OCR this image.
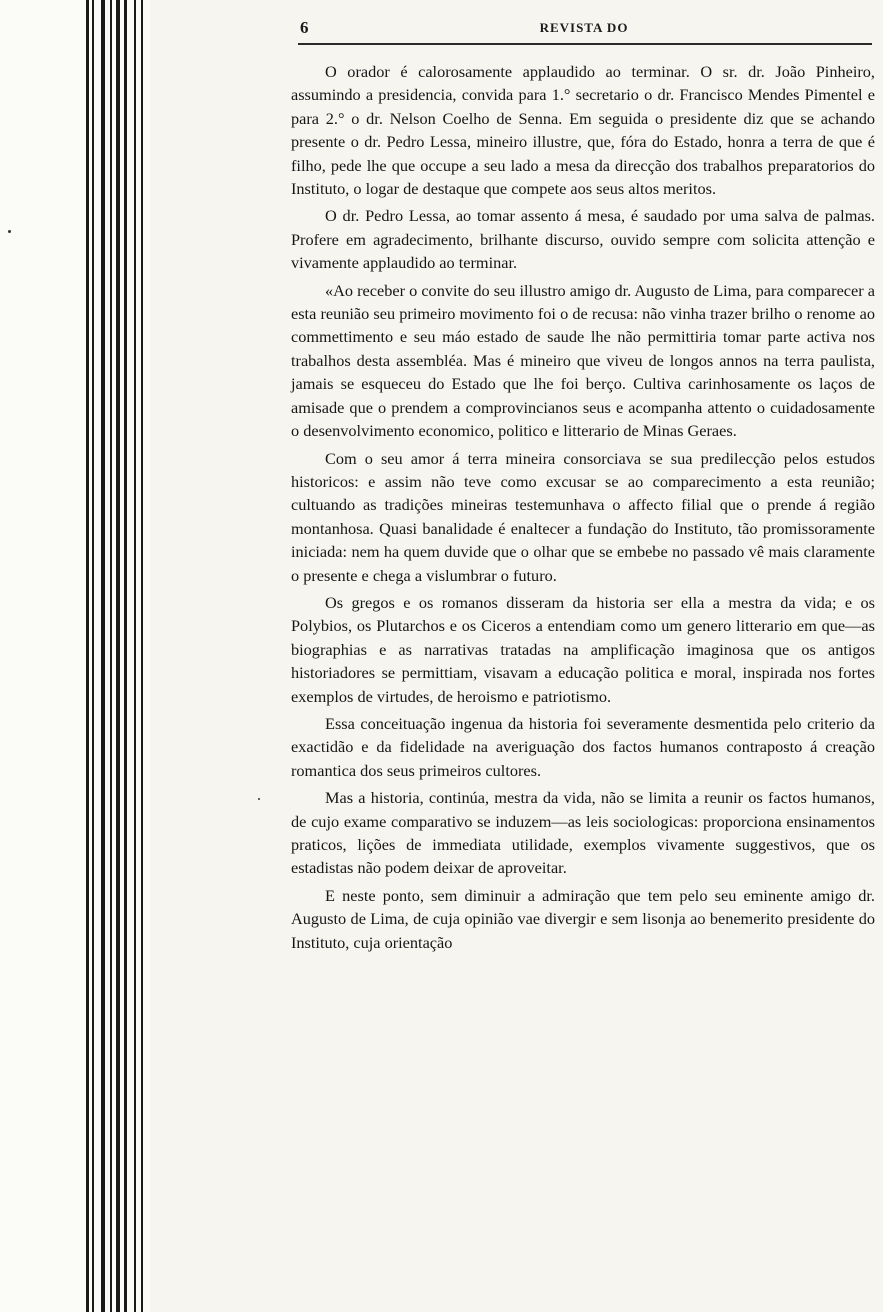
6	REVISTA DO

O orador é calorosamente applaudido ao terminar. O sr. dr. João Pinheiro, assumindo a presidencia, convida para 1.° secretario o dr. Francisco Mendes Pimentel e para 2.° o dr. Nelson Coelho de Senna. Em seguida o presidente diz que se achando presente o dr. Pedro Lessa, mineiro illustre, que, fóra do Estado, honra a terra de que é filho, pede lhe que occupe a seu lado a mesa da direcção dos trabalhos preparatorios do Instituto, o logar de destaque que compete aos seus altos meritos.

O dr. Pedro Lessa, ao tomar assento á mesa, é saudado por uma salva de palmas. Profere em agradecimento, brilhante discurso, ouvido sempre com solicita attenção e vivamente applaudido ao terminar.

«Ao receber o convite do seu illustro amigo dr. Augusto de Lima, para comparecer a esta reunião seu primeiro movimento foi o de recusa: não vinha trazer brilho o renome ao commettimento e seu máo estado de saude lhe não permittiria tomar parte activa nos trabalhos desta assembléa. Mas é mineiro que viveu de longos annos na terra paulista, jamais se esqueceu do Estado que lhe foi berço. Cultiva carinhosamente os laços de amisade que o prendem a comprovincianos seus e acompanha attento o cuidadosamente o desenvolvimento economico, politico e litterario de Minas Geraes.

Com o seu amor á terra mineira consorciava se sua predilecção pelos estudos historicos: e assim não teve como excusar se ao comparecimento a esta reunião; cultuando as tradições mineiras testemunhava o affecto filial que o prende á região montanhosa. Quasi banalidade é enaltecer a fundação do Instituto, tão promissoramente iniciada: nem ha quem duvide que o olhar que se embebe no passado vê mais claramente o presente e chega a vislumbrar o futuro.

Os gregos e os romanos disseram da historia ser ella a mestra da vida; e os Polybios, os Plutarchos e os Ciceros a entendiam como um genero litterario em que—as biographias e as narrativas tratadas na amplificação imaginosa que os antigos historiadores se permittiam, visavam a educação politica e moral, inspirada nos fortes exemplos de virtudes, de heroismo e patriotismo.

Essa conceituação ingenua da historia foi severamente desmentida pelo criterio da exactidão e da fidelidade na averiguação dos factos humanos contraposto á creação romantica dos seus primeiros cultores.

Mas a historia, continúa, mestra da vida, não se limita a reunir os factos humanos, de cujo exame comparativo se induzem—as leis sociologicas: proporciona ensinamentos praticos, lições de immediata utilidade, exemplos vivamente suggestivos, que os estadistas não podem deixar de aproveitar.

E neste ponto, sem diminuir a admiração que tem pelo seu eminente amigo dr. Augusto de Lima, de cuja opinião vae divergir e sem lisonja ao benemerito presidente do Instituto, cuja orientação
